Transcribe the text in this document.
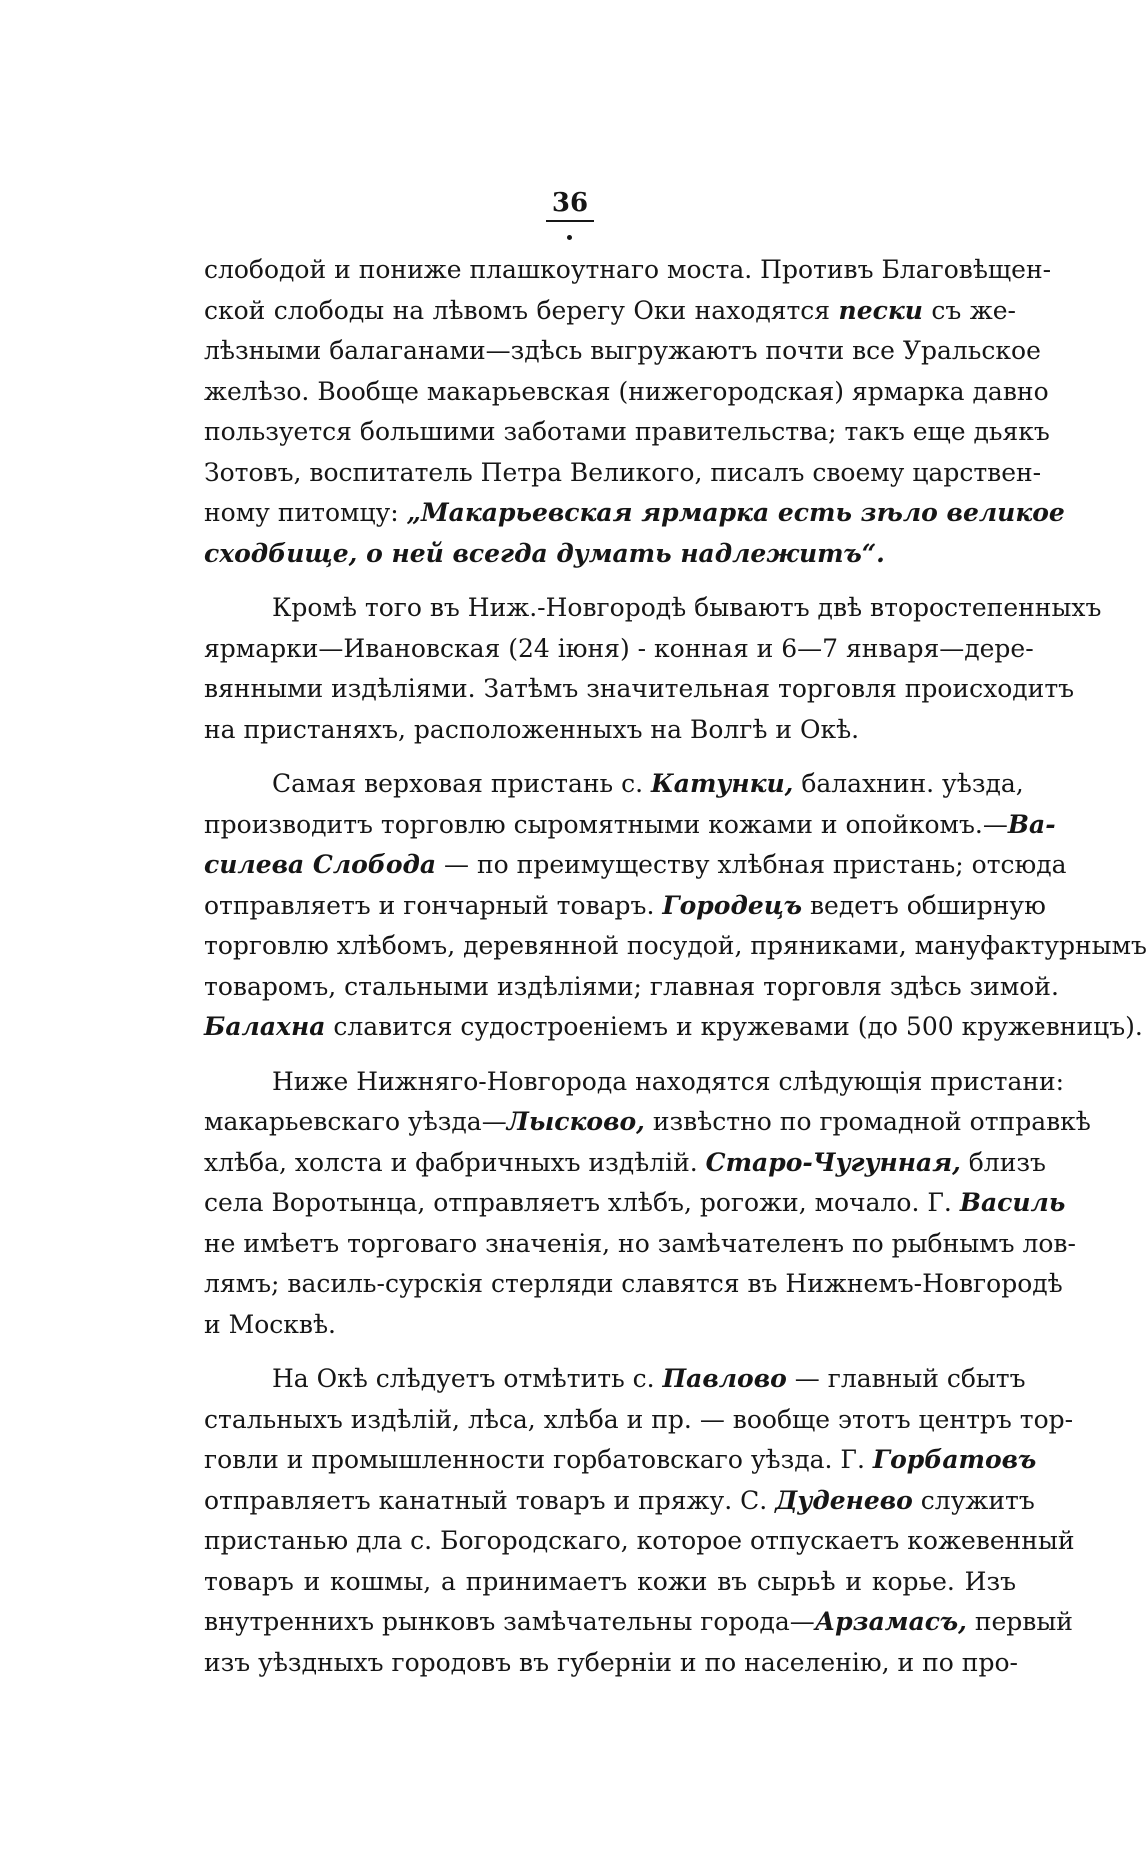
36
слободой и пониже плашкоутнаго моста. Противъ Благовѣщен-
ской слободы на лѣвомъ берегу Оки находятся пески съ же-
лѣзными балаганами—здѣсь выгружаютъ почти все Уральское
желѣзо. Вообще макарьевская (нижегородская) ярмарка давно
пользуется большими заботами правительства; такъ еще дьякъ
Зотовъ, воспитатель Петра Великого, писалъ своему царствен-
ному питомцу: „Макарьевская ярмарка есть зѣло великое
сходбище, о ней всегда думать надлежитъ“.
Кромѣ того въ Ниж.-Новгородѣ бываютъ двѣ второстепенныхъ
ярмарки—Ивановская (24 іюня) - конная и 6—7 января—дере-
вянными издѣліями. Затѣмъ значительная торговля происходитъ
на пристаняхъ, расположенныхъ на Волгѣ и Окѣ.
Самая верховая пристань с. Катунки, балахнин. уѣзда,
производитъ торговлю сыромятными кожами и опойкомъ.—Ва-
силева Слобода — по преимуществу хлѣбная пристань; отсюда
отправляетъ и гончарный товаръ. Городецъ ведетъ обширную
торговлю хлѣбомъ, деревянной посудой, пряниками, мануфактурнымъ
товаромъ, стальными издѣліями; главная торговля здѣсь зимой.
Балахна славится судостроеніемъ и кружевами (до 500 кружевницъ).
Ниже Нижняго-Новгорода находятся слѣдующія пристани:
макарьевскаго уѣзда—Лысково, извѣстно по громадной отправкѣ
хлѣба, холста и фабричныхъ издѣлій. Старо-Чугунная, близъ
села Воротынца, отправляетъ хлѣбъ, рогожи, мочало. Г. Василь
не имѣетъ торговаго значенія, но замѣчателенъ по рыбнымъ лов-
лямъ; василь-сурскія стерляди славятся въ Нижнемъ-Новгородѣ
и Москвѣ.
На Окѣ слѣдуетъ отмѣтить с. Павлово — главный сбытъ
стальныхъ издѣлій, лѣса, хлѣба и пр. — вообще этотъ центръ тор-
говли и промышленности горбатовскаго уѣзда. Г. Горбатовъ
отправляетъ канатный товаръ и пряжу. С. Дуденево служитъ
пристанью дла с. Богородскаго, которое отпускаетъ кожевенный
товаръ и кошмы, а принимаетъ кожи въ сырьѣ и корье. Изъ
внутреннихъ рынковъ замѣчательны города—Арзамасъ, первый
изъ уѣздныхъ городовъ въ губерніи и по населенію, и по про-
